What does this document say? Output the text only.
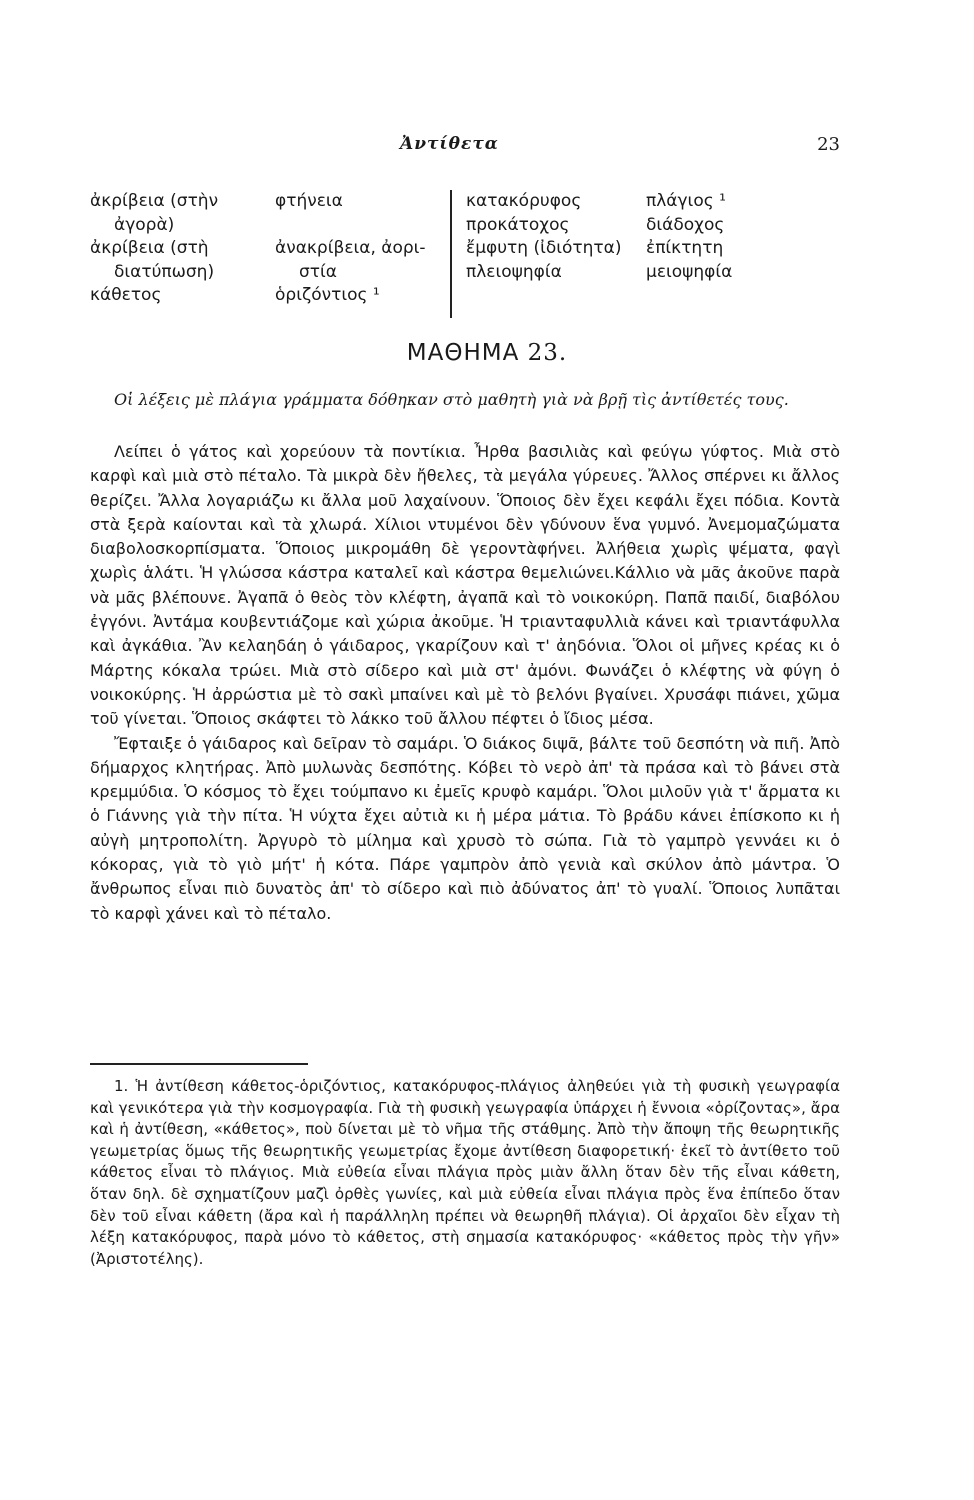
Ἀντίθετα	23
ἀκρίβεια (στὴν
ἀγορὰ)
ἀκρίβεια (στὴ
διατύπωση)
κάθετος
φτήνεια

ἀνακρίβεια, ἀορι-
στία
ὁριζόντιος ¹
κατακόρυφος
προκάτοχος
ἔμφυτη (ἰδιότητα)
πλειοψηφία
πλάγιος ¹
διάδοχος
ἐπίκτητη
μειοψηφία
ΜΑΘΗΜΑ 23.

Οἱ λέξεις μὲ πλάγια γράμματα δόθηκαν στὸ μαθητὴ γιὰ νὰ βρῇ τὶς ἀντίθετές τους.

Λείπει ὁ γάτος καὶ χορεύουν τὰ ποντίκια. Ἦρθα βασιλιὰς καὶ φεύγω γύφτος. Μιὰ στὸ καρφὶ καὶ μιὰ στὸ πέταλο. Τὰ μικρὰ δὲν ἤθελες, τὰ μεγάλα γύρευες. Ἄλλος σπέρνει κι ἄλλος θερίζει. Ἄλλα λογαριάζω κι ἄλλα μοῦ λαχαίνουν. Ὅποιος δὲν ἔχει κεφάλι ἔχει πόδια. Κοντὰ στὰ ξερὰ καίονται καὶ τὰ χλωρά. Χίλιοι ντυμένοι δὲν γδύνουν ἕνα γυμνό. Ἀνεμομαζώματα διαβολοσκορπίσματα. Ὅποιος μικρομάθη δὲ γεροντὰφήνει. Ἀλήθεια χωρὶς ψέματα, φαγὶ χωρὶς ἁλάτι. Ἡ γλώσσα κάστρα καταλεῖ καὶ κάστρα θεμελιώνει.Κάλλιο νὰ μᾶς ἀκοῦνε παρὰ νὰ μᾶς βλέπουνε. Ἀγαπᾶ ὁ θεὸς τὸν κλέφτη, ἀγαπᾶ καὶ τὸ νοικοκύρη. Παπᾶ παιδί, διαβόλου ἐγγόνι. Ἀντάμα κουβεντιάζομε καὶ χώρια ἀκοῦμε. Ἡ τριανταφυλλιὰ κάνει καὶ τριαντάφυλλα καὶ ἀγκάθια. Ἂν κελαηδάη ὁ γάιδαρος, γκαρίζουν καὶ τ' ἀηδόνια. Ὅλοι οἱ μῆνες κρέας κι ὁ Μάρτης κόκαλα τρώει. Μιὰ στὸ σίδερο καὶ μιὰ στ' ἀμόνι. Φωνάζει ὁ κλέφτης νὰ φύγη ὁ νοικοκύρης. Ἡ ἀρρώστια μὲ τὸ σακὶ μπαίνει καὶ μὲ τὸ βελόνι βγαίνει. Χρυσάφι πιάνει, χῶμα τοῦ γίνεται. Ὅποιος σκάφτει τὸ λάκκο τοῦ ἄλλου πέφτει ὁ ἴδιος μέσα.

Ἔφταιξε ὁ γάιδαρος καὶ δεῖραν τὸ σαμάρι. Ὁ διάκος διψᾶ, βάλτε τοῦ δεσπότη νὰ πιῆ. Ἀπὸ δήμαρχος κλητήρας. Ἀπὸ μυλωνὰς δεσπότης. Κόβει τὸ νερὸ ἀπ' τὰ πράσα καὶ τὸ βάνει στὰ κρεμμύδια. Ὁ κόσμος τὸ ἔχει τούμπανο κι ἐμεῖς κρυφὸ καμάρι. Ὅλοι μιλοῦν γιὰ τ' ἄρματα κι ὁ Γιάννης γιὰ τὴν πίτα. Ἡ νύχτα ἔχει αὐτιὰ κι ἡ μέρα μάτια. Τὸ βράδυ κάνει ἐπίσκοπο κι ἡ αὐγὴ μητροπολίτη. Ἀργυρὸ τὸ μίλημα καὶ χρυσὸ τὸ σώπα. Γιὰ τὸ γαμπρὸ γεννάει κι ὁ κόκορας, γιὰ τὸ γιὸ μήτ' ἡ κότα. Πάρε γαμπρὸν ἀπὸ γενιὰ καὶ σκύλον ἀπὸ μάντρα. Ὁ ἄνθρωπος εἶναι πιὸ δυνατὸς ἀπ' τὸ σίδερο καὶ πιὸ ἀδύνατος ἀπ' τὸ γυαλί. Ὅποιος λυπᾶται τὸ καρφὶ χάνει καὶ τὸ πέταλο.

1. Ἡ ἀντίθεση κάθετος-ὁριζόντιος, κατακόρυφος-πλάγιος ἀληθεύει γιὰ τὴ φυσικὴ γεωγραφία καὶ γενικότερα γιὰ τὴν κοσμογραφία. Γιὰ τὴ φυσικὴ γεωγραφία ὑπάρχει ἡ ἔννοια «ὁρίζοντας», ἄρα καὶ ἡ ἀντίθεση, «κάθετος», ποὺ δίνεται μὲ τὸ νῆμα τῆς στάθμης. Ἀπὸ τὴν ἄποψη τῆς θεωρητικῆς γεωμετρίας ὅμως τῆς θεωρητικῆς γεωμετρίας ἔχομε ἀντίθεση διαφορετική· ἐκεῖ τὸ ἀντίθετο τοῦ κάθετος εἶναι τὸ πλάγιος. Μιὰ εὐθεία εἶναι πλάγια πρὸς μιὰν ἄλλη ὅταν δὲν τῆς εἶναι κάθετη, ὅταν δηλ. δὲ σχηματίζουν μαζὶ ὀρθὲς γωνίες, καὶ μιὰ εὐθεία εἶναι πλάγια πρὸς ἕνα ἐπίπεδο ὅταν δὲν τοῦ εἶναι κάθετη (ἄρα καὶ ἡ παράλληλη πρέπει νὰ θεωρηθῆ πλάγια). Οἱ ἀρχαῖοι δὲν εἶχαν τὴ λέξη κατακόρυφος, παρὰ μόνο τὸ κάθετος, στὴ σημασία κατακόρυφος· «κάθετος πρὸς τὴν γῆν» (Ἀριστοτέλης).
